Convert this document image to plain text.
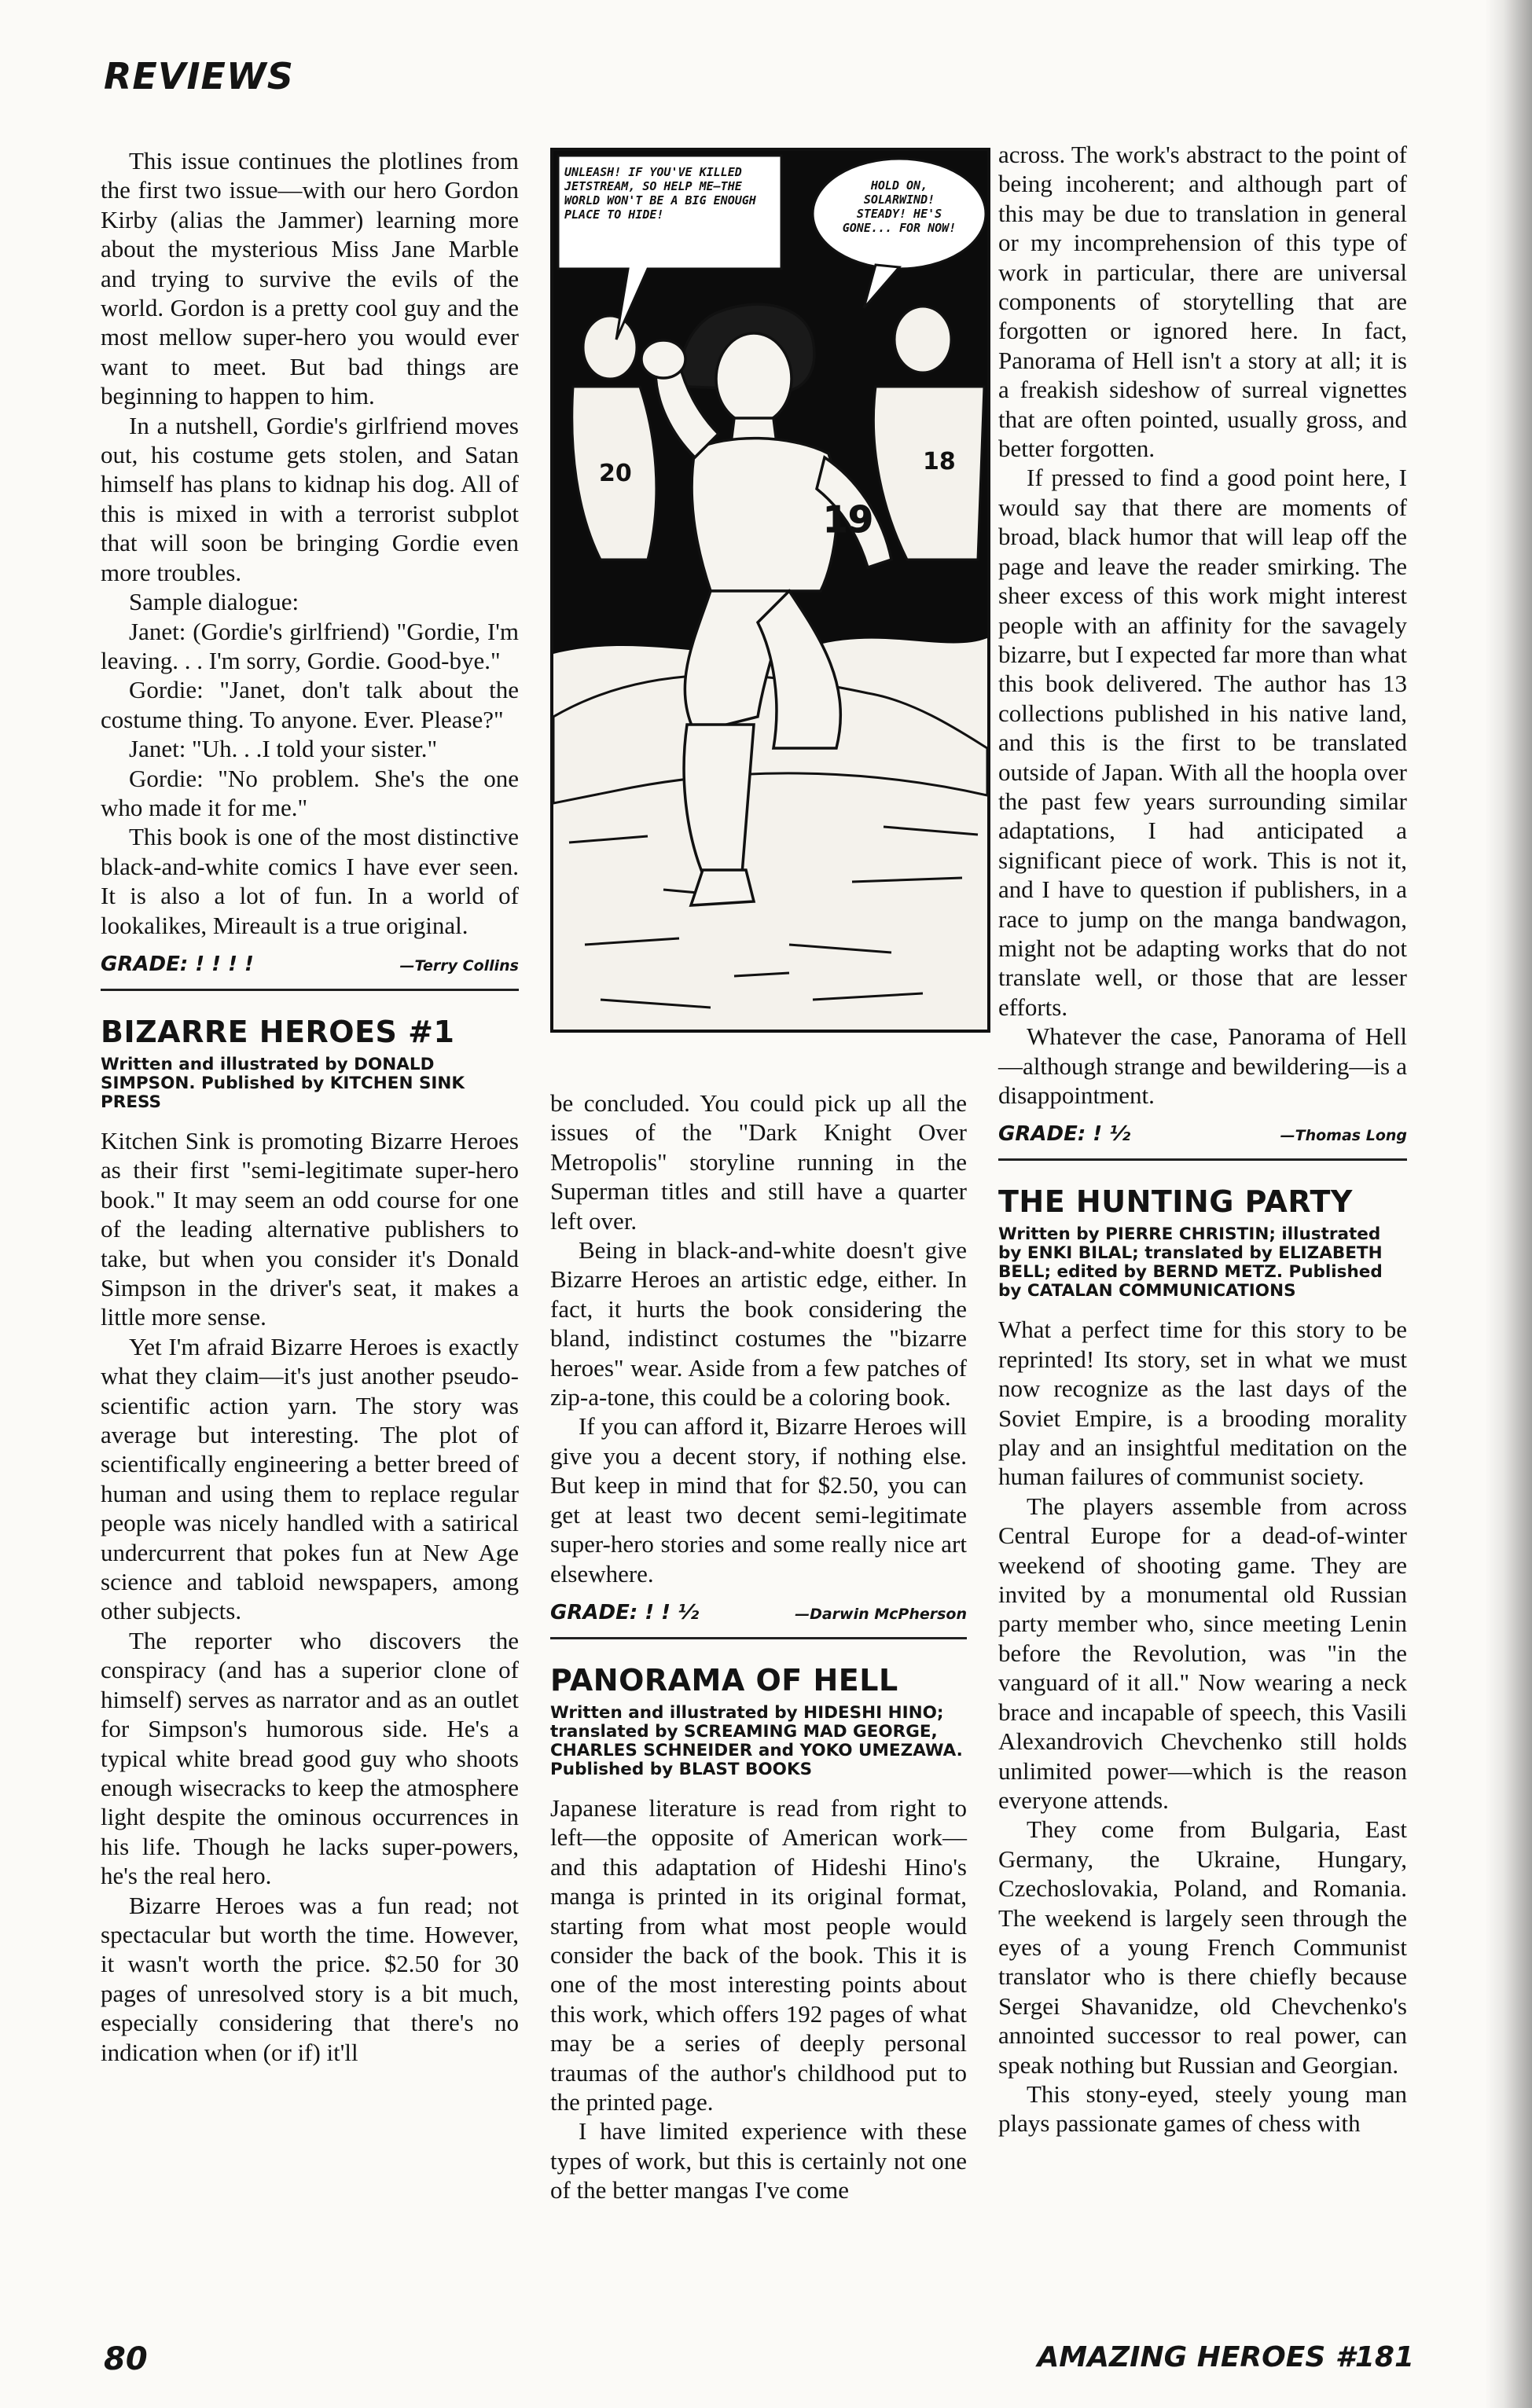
REVIEWS

This issue continues the plotlines from the first two issue—with our hero Gordon Kirby (alias the Jammer) learning more about the mysterious Miss Jane Marble and trying to survive the evils of the world. Gordon is a pretty cool guy and the most mellow super-hero you would ever want to meet. But bad things are beginning to happen to him.

In a nutshell, Gordie's girlfriend moves out, his costume gets stolen, and Satan himself has plans to kidnap his dog. All of this is mixed in with a terrorist subplot that will soon be bringing Gordie even more troubles.

Sample dialogue:

Janet: (Gordie's girlfriend) "Gordie, I'm leaving. . . I'm sorry, Gordie. Good-bye."

Gordie: "Janet, don't talk about the costume thing. To anyone. Ever. Please?"

Janet: "Uh. . .I told your sister."

Gordie: "No problem. She's the one who made it for me."

This book is one of the most distinctive black-and-white comics I have ever seen. It is also a lot of fun. In a world of lookalikes, Mireault is a true original.

GRADE: ! ! ! !	—Terry Collins
BIZARRE HEROES #1
Written and illustrated by DONALD SIMPSON. Published by KITCHEN SINK PRESS

Kitchen Sink is promoting Bizarre Heroes as their first "semi-legitimate super-hero book." It may seem an odd course for one of the leading alternative publishers to take, but when you consider it's Donald Simpson in the driver's seat, it makes a little more sense.

Yet I'm afraid Bizarre Heroes is exactly what they claim—it's just another pseudo-scientific action yarn. The story was average but interesting. The plot of scientifically engineering a better breed of human and using them to replace regular people was nicely handled with a satirical undercurrent that pokes fun at New Age science and tabloid newspapers, among other subjects.

The reporter who discovers the conspiracy (and has a superior clone of himself) serves as narrator and as an outlet for Simpson's humorous side. He's a typical white bread good guy who shoots enough wisecracks to keep the atmosphere light despite the ominous occurrences in his life. Though he lacks super-powers, he's the real hero.

Bizarre Heroes was a fun read; not spectacular but worth the time. However, it wasn't worth the price. $2.50 for 30 pages of unresolved story is a bit much, especially considering that there's no indication when (or if) it'll

20	18
19
UNLEASH! IF YOU'VE KILLED JETSTREAM, SO HELP ME—THE WORLD WON'T BE A BIG ENOUGH PLACE TO HIDE!
HOLD ON, SOLARWIND! STEADY! HE'S GONE... FOR NOW!

be concluded. You could pick up all the issues of the "Dark Knight Over Metropolis" storyline running in the Superman titles and still have a quarter left over.

Being in black-and-white doesn't give Bizarre Heroes an artistic edge, either. In fact, it hurts the book considering the bland, indistinct costumes the "bizarre heroes" wear. Aside from a few patches of zip-a-tone, this could be a coloring book.

If you can afford it, Bizarre Heroes will give you a decent story, if nothing else. But keep in mind that for $2.50, you can get at least two decent semi-legitimate super-hero stories and some really nice art elsewhere.

GRADE: ! ! ½	—Darwin McPherson
PANORAMA OF HELL
Written and illustrated by HIDESHI HINO; translated by SCREAMING MAD GEORGE, CHARLES SCHNEIDER and YOKO UMEZAWA. Published by BLAST BOOKS

Japanese literature is read from right to left—the opposite of American work—and this adaptation of Hideshi Hino's manga is printed in its original format, starting from what most people would consider the back of the book. This it is one of the most interesting points about this work, which offers 192 pages of what may be a series of deeply personal traumas of the author's childhood put to the printed page.

I have limited experience with these types of work, but this is certainly not one of the better mangas I've come

across. The work's abstract to the point of being incoherent; and although part of this may be due to translation in general or my incomprehension of this type of work in particular, there are universal components of storytelling that are forgotten or ignored here. In fact, Panorama of Hell isn't a story at all; it is a freakish sideshow of surreal vignettes that are often pointed, usually gross, and better forgotten.

If pressed to find a good point here, I would say that there are moments of broad, black humor that will leap off the page and leave the reader smirking. The sheer excess of this work might interest people with an affinity for the savagely bizarre, but I expected far more than what this book delivered. The author has 13 collections published in his native land, and this is the first to be translated outside of Japan. With all the hoopla over the past few years surrounding similar adaptations, I had anticipated a significant piece of work. This is not it, and I have to question if publishers, in a race to jump on the manga bandwagon, might not be adapting works that do not translate well, or those that are lesser efforts.

Whatever the case, Panorama of Hell—although strange and bewildering—is a disappointment.

GRADE: ! ½	—Thomas Long
THE HUNTING PARTY
Written by PIERRE CHRISTIN; illustrated by ENKI BILAL; translated by ELIZABETH BELL; edited by BERND METZ. Published by CATALAN COMMUNICATIONS

What a perfect time for this story to be reprinted! Its story, set in what we must now recognize as the last days of the Soviet Empire, is a brooding morality play and an insightful meditation on the human failures of communist society.

The players assemble from across Central Europe for a dead-of-winter weekend of shooting game. They are invited by a monumental old Russian party member who, since meeting Lenin before the Revolution, was "in the vanguard of it all." Now wearing a neck brace and incapable of speech, this Vasili Alexandrovich Chevchenko still holds unlimited power—which is the reason everyone attends.

They come from Bulgaria, East Germany, the Ukraine, Hungary, Czechoslovakia, Poland, and Romania. The weekend is largely seen through the eyes of a young French Communist translator who is there chiefly because Sergei Shavanidze, old Chevchenko's annointed successor to real power, can speak nothing but Russian and Georgian.

This stony-eyed, steely young man plays passionate games of chess with

80	AMAZING HEROES #181
